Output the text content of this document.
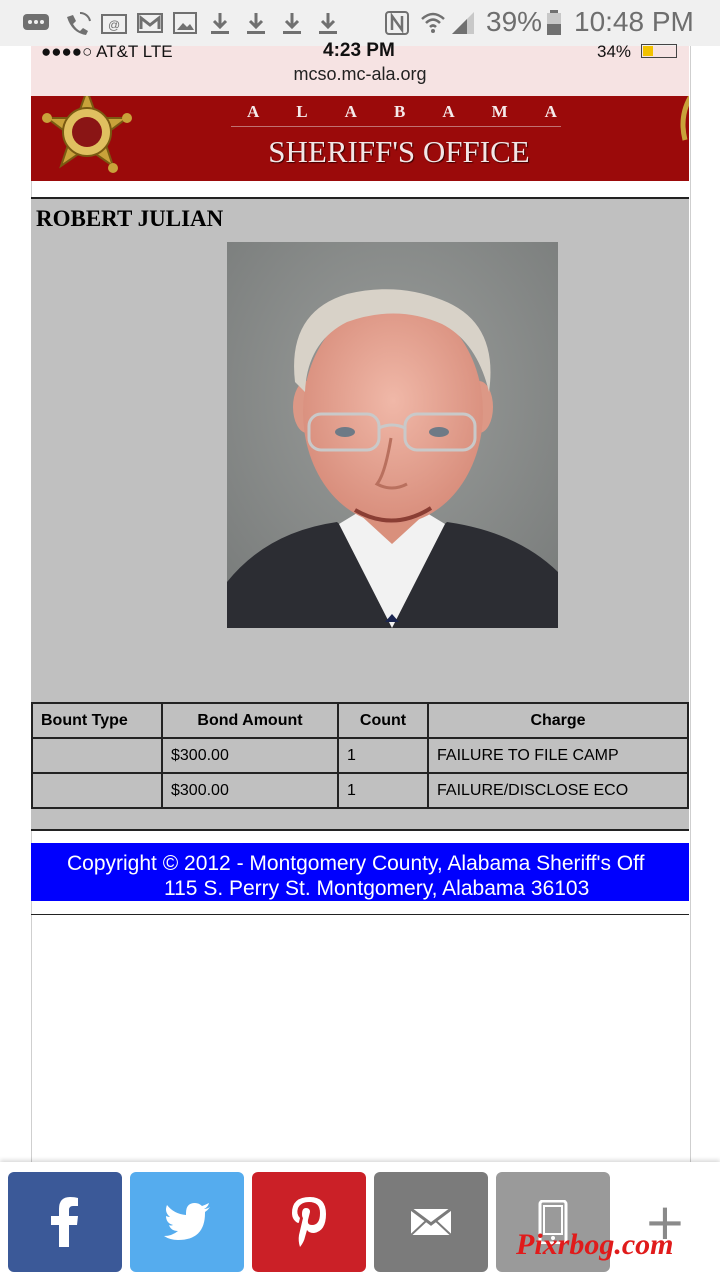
@	39% 10:48 PM
●●●●○ AT&T LTE	4:23 PM	34%
mcso.mc-ala.org
A L A B A M A
SHERIFF'S OFFICE
ROBERT JULIAN
Bount Type	Bond Amount	Count	Charge
	$300.00	1	FAILURE TO FILE CAMP
	$300.00	1	FAILURE/DISCLOSE ECO
Copyright © 2012 - Montgomery County, Alabama Sheriff's Off
115 S. Perry St. Montgomery, Alabama 36103
+
Pixrbog.com
